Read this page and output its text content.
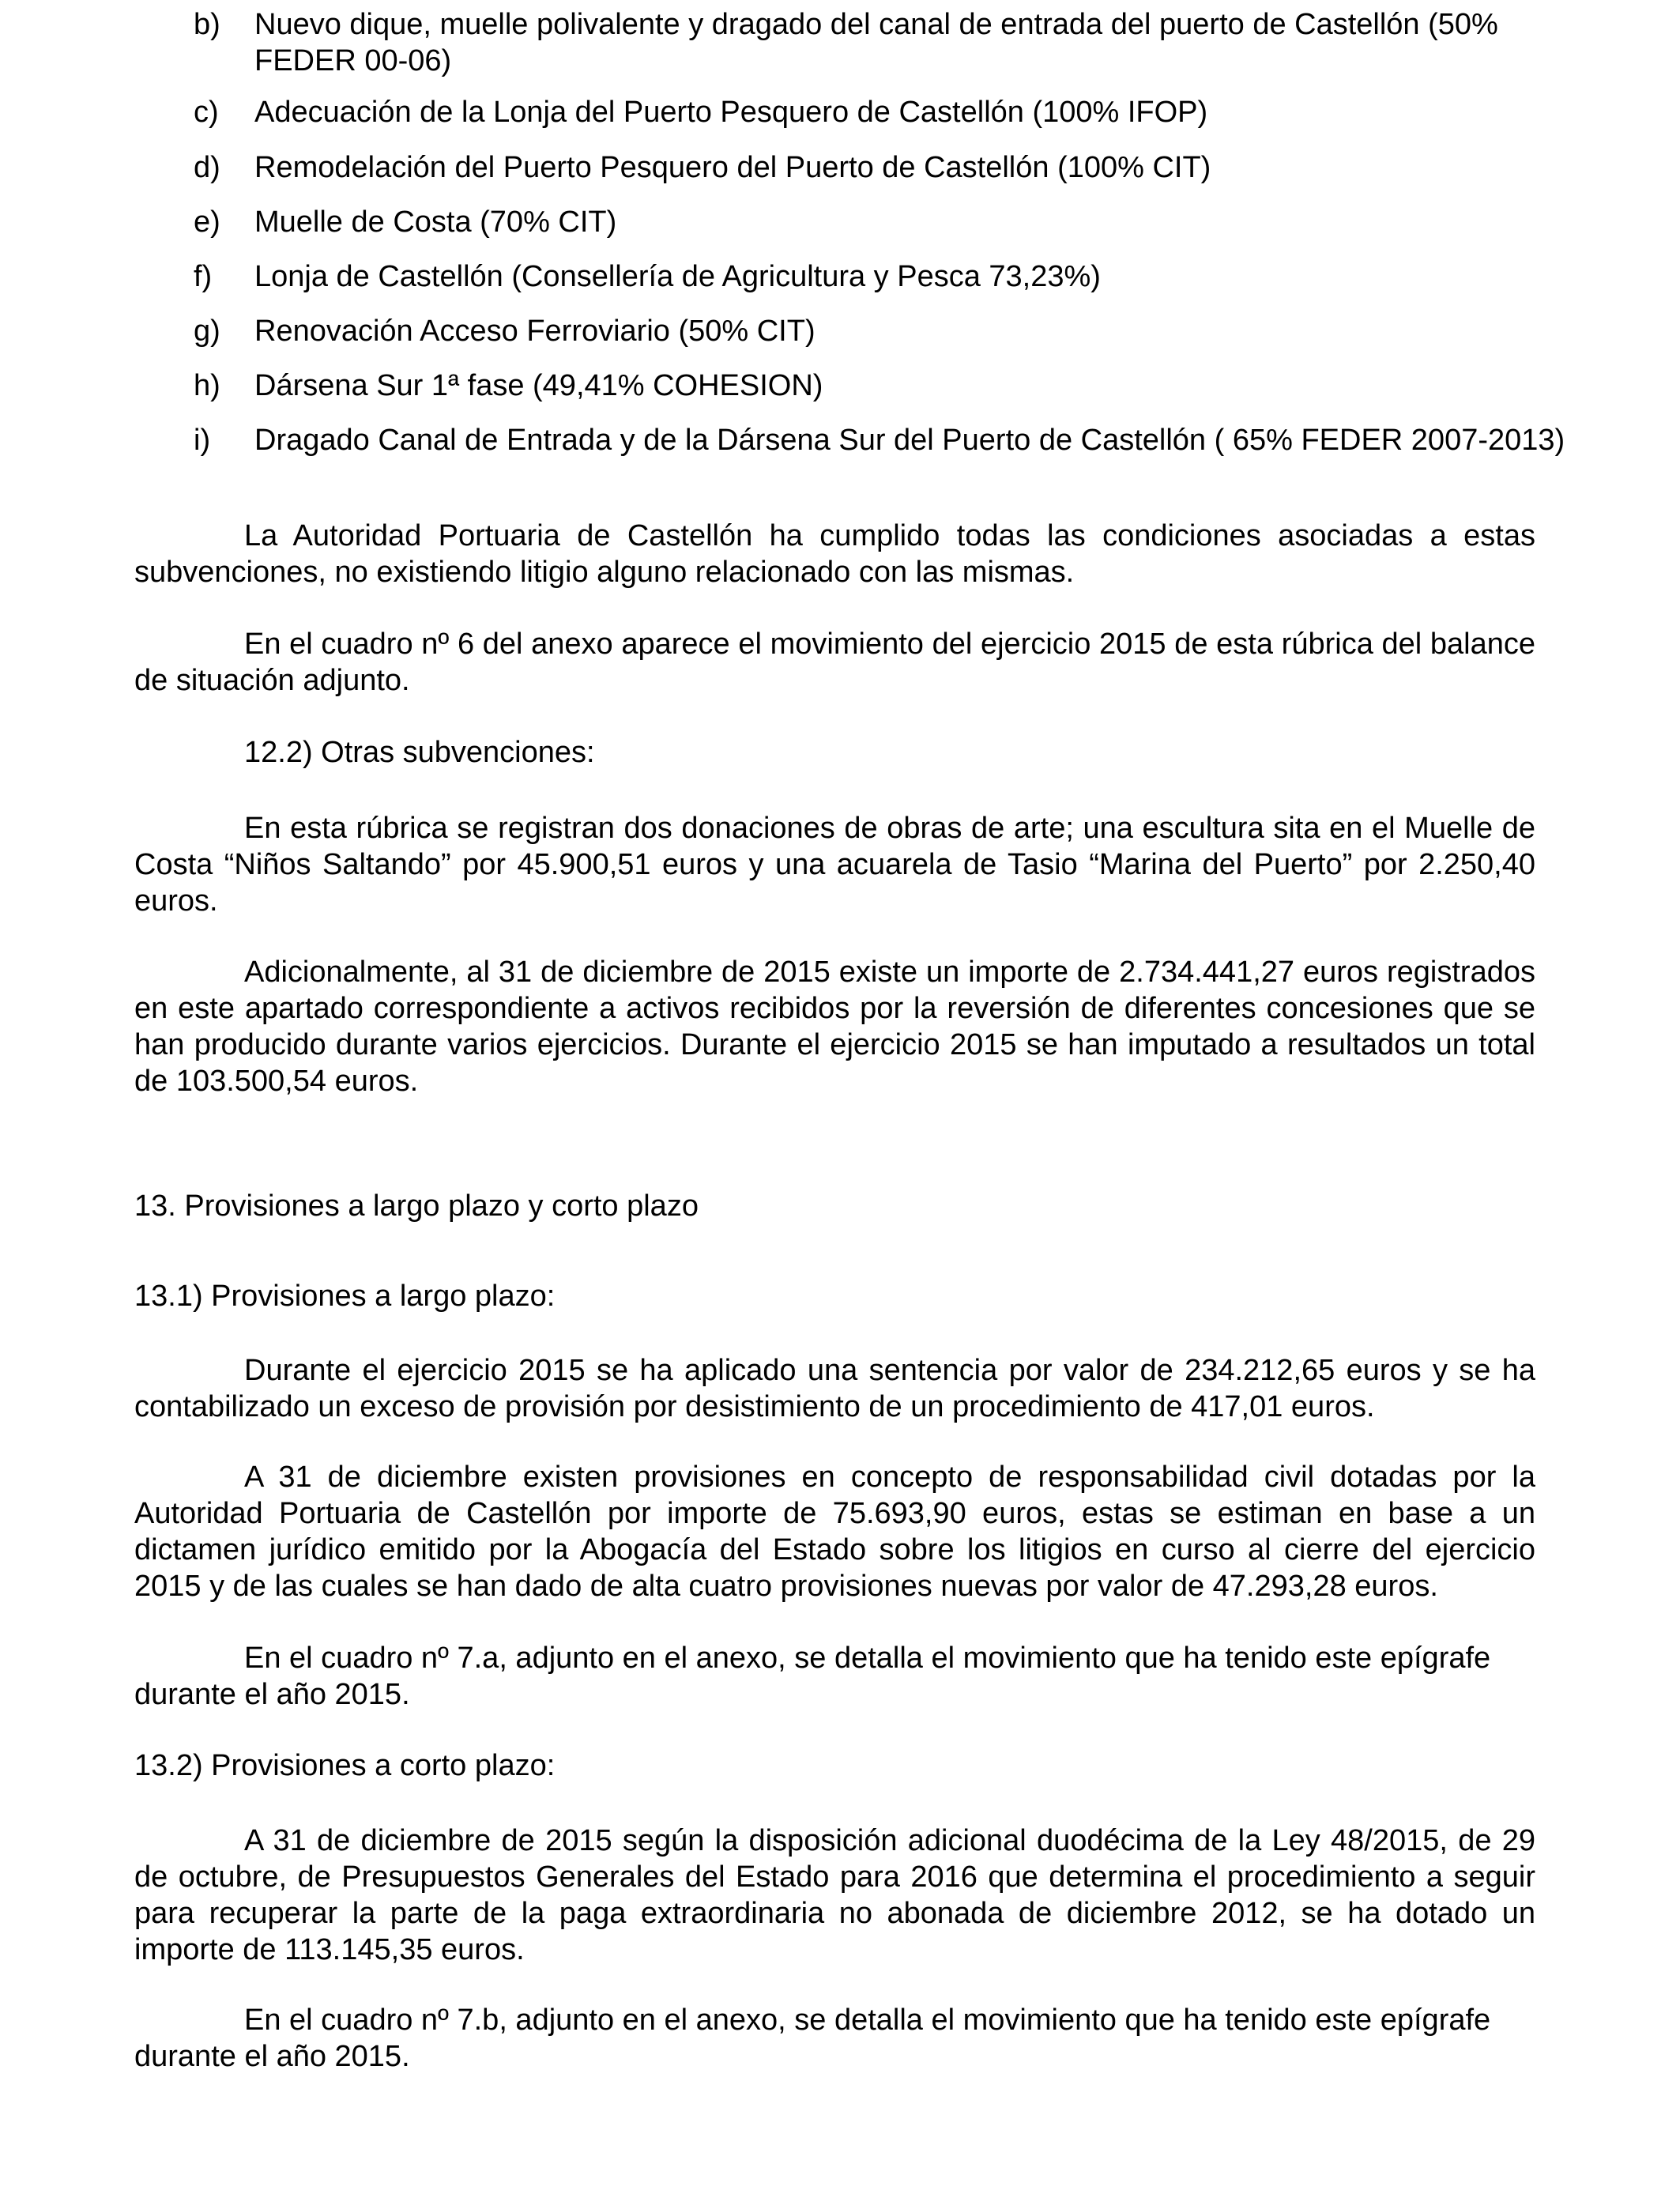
b) Nuevo dique, muelle polivalente y dragado del canal de entrada del puerto de Castellón (50% FEDER 00-06)
c) Adecuación de la Lonja del Puerto Pesquero de Castellón (100% IFOP)
d) Remodelación del Puerto Pesquero del Puerto de Castellón (100% CIT)
e) Muelle de Costa (70% CIT)
f) Lonja de Castellón (Consellería de Agricultura y Pesca 73,23%)
g) Renovación Acceso Ferroviario (50% CIT)
h) Dársena Sur 1ª fase (49,41% COHESION)
i) Dragado Canal de Entrada y de la Dársena Sur del Puerto de Castellón ( 65% FEDER 2007-2013)

La Autoridad Portuaria de Castellón ha cumplido todas las condiciones asociadas a estas subvenciones, no existiendo litigio alguno relacionado con las mismas.

En el cuadro nº 6 del anexo aparece el movimiento del ejercicio 2015 de esta rúbrica del balance de situación adjunto.

12.2) Otras subvenciones:

En esta rúbrica se registran dos donaciones de obras de arte; una escultura sita en el Muelle de Costa “Niños Saltando” por 45.900,51 euros y una acuarela de Tasio “Marina del Puerto” por 2.250,40 euros.

Adicionalmente, al 31 de diciembre de 2015 existe un importe de 2.734.441,27 euros registrados en este apartado correspondiente a activos recibidos por la reversión de diferentes concesiones que se han producido durante varios ejercicios. Durante el ejercicio 2015 se han imputado a resultados un total de 103.500,54 euros.

13. Provisiones a largo plazo y corto plazo
13.1) Provisiones a largo plazo:

Durante el ejercicio 2015 se ha aplicado una sentencia por valor de 234.212,65 euros y se ha contabilizado un exceso de provisión por desistimiento de un procedimiento de 417,01 euros.

A 31 de diciembre existen provisiones en concepto de responsabilidad civil dotadas por la Autoridad Portuaria de Castellón por importe de 75.693,90 euros, estas se estiman en base a un dictamen jurídico emitido por la Abogacía del Estado sobre los litigios en curso al cierre del ejercicio 2015 y de las cuales se han dado de alta cuatro provisiones nuevas por valor de 47.293,28 euros.

En el cuadro nº 7.a, adjunto en el anexo, se detalla el movimiento que ha tenido este epígrafe durante el año 2015.

13.2) Provisiones a corto plazo:

A 31 de diciembre de 2015 según la disposición adicional duodécima de la Ley 48/2015, de 29 de octubre, de Presupuestos Generales del Estado para 2016 que determina el procedimiento a seguir para recuperar la parte de la paga extraordinaria no abonada de diciembre 2012, se ha dotado un importe de 113.145,35 euros.

En el cuadro nº 7.b, adjunto en el anexo, se detalla el movimiento que ha tenido este epígrafe durante el año 2015.
